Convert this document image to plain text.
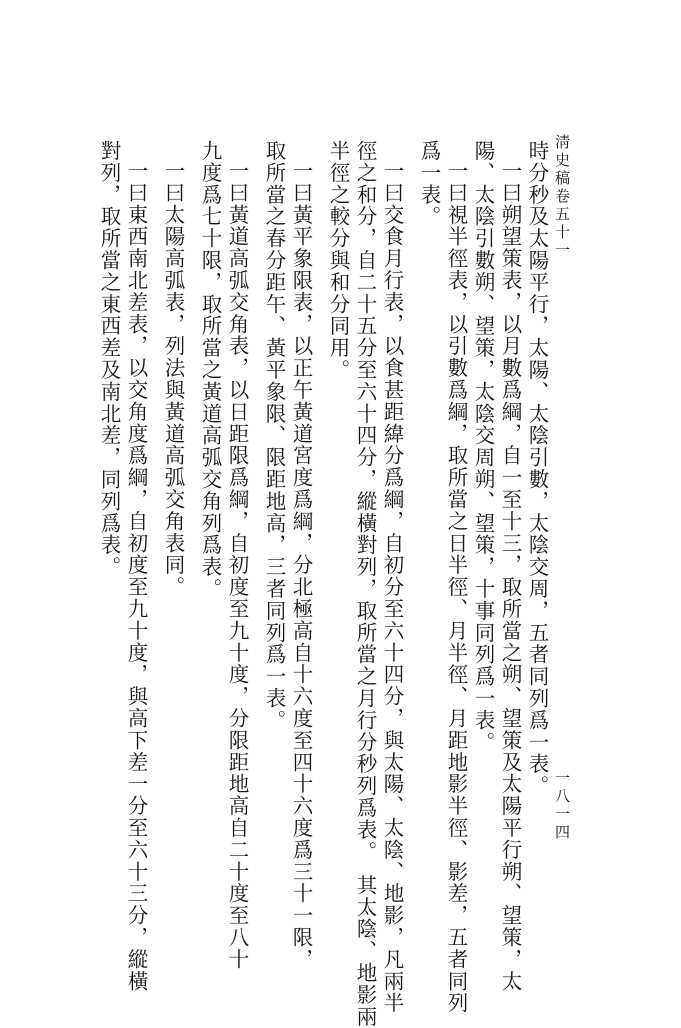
淸史稿卷五十一
一八一四
時分秒及太陽平行，太陽、太陰引數，太陰交周，五者同列爲一表。
一曰朔望策表，以月數爲綱，自一至十三，取所當之朔、望策及太陽平行朔、望策，太
陽、太陰引數朔、望策，太陰交周朔、望策，十事同列爲一表。
一曰視半徑表，以引數爲綱，取所當之日半徑、月半徑、月距地影半徑、影差，五者同列
爲一表。
一曰交食月行表，以食甚距緯分爲綱，自初分至六十四分，與太陽、太陰、地影，凡兩半
徑之和分，自二十五分至六十四分，縱橫對列，取所當之月行分秒列爲表。　其太陰、地影兩
半徑之較分與和分同用。
一曰黃平象限表，以正午黃道宮度爲綱，分北極高自十六度至四十六度爲三十一限，
取所當之春分距午、黃平象限、限距地高，三者同列爲一表。
一曰黃道高弧交角表，以日距限爲綱，自初度至九十度，分限距地高自二十度至八十
九度爲七十限，取所當之黃道高弧交角列爲表。
一曰太陽高弧表，列法與黃道高弧交角表同。
一曰東西南北差表，以交角度爲綱，自初度至九十度，與高下差一分至六十三分，縱橫
對列，取所當之東西差及南北差，同列爲表。
